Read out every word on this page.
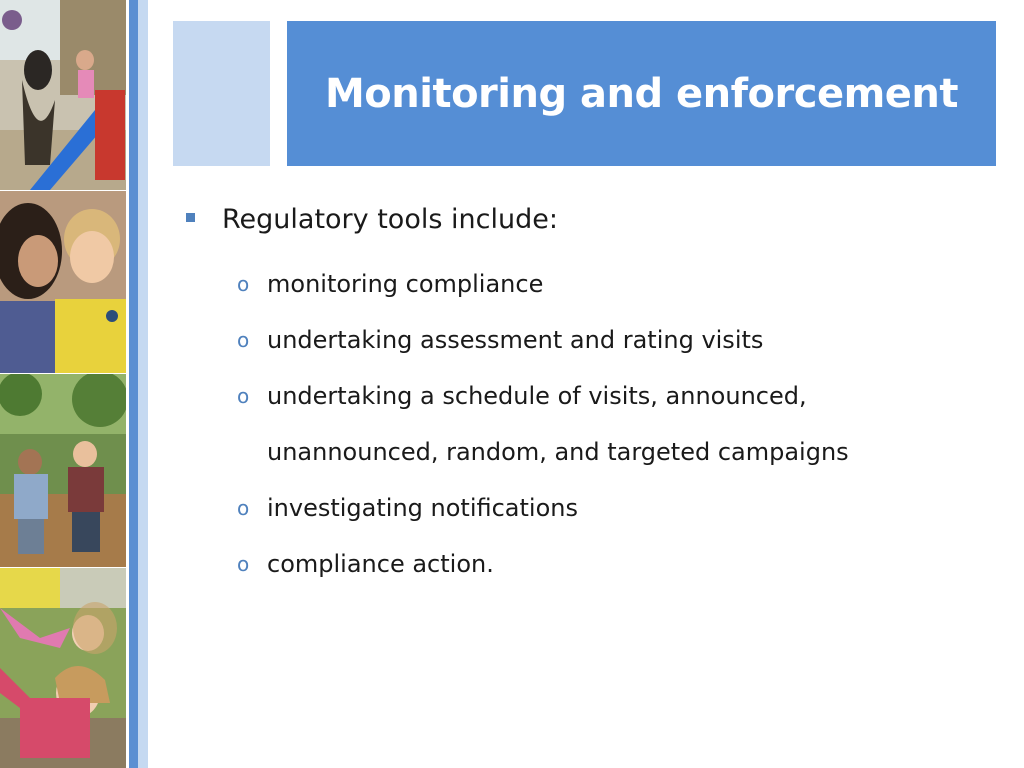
Monitoring and enforcement
Regulatory tools include:
o monitoring compliance
o undertaking assessment and rating visits
o undertaking a schedule of visits, announced,
unannounced, random, and targeted campaigns
o investigating notifications
o compliance action.
